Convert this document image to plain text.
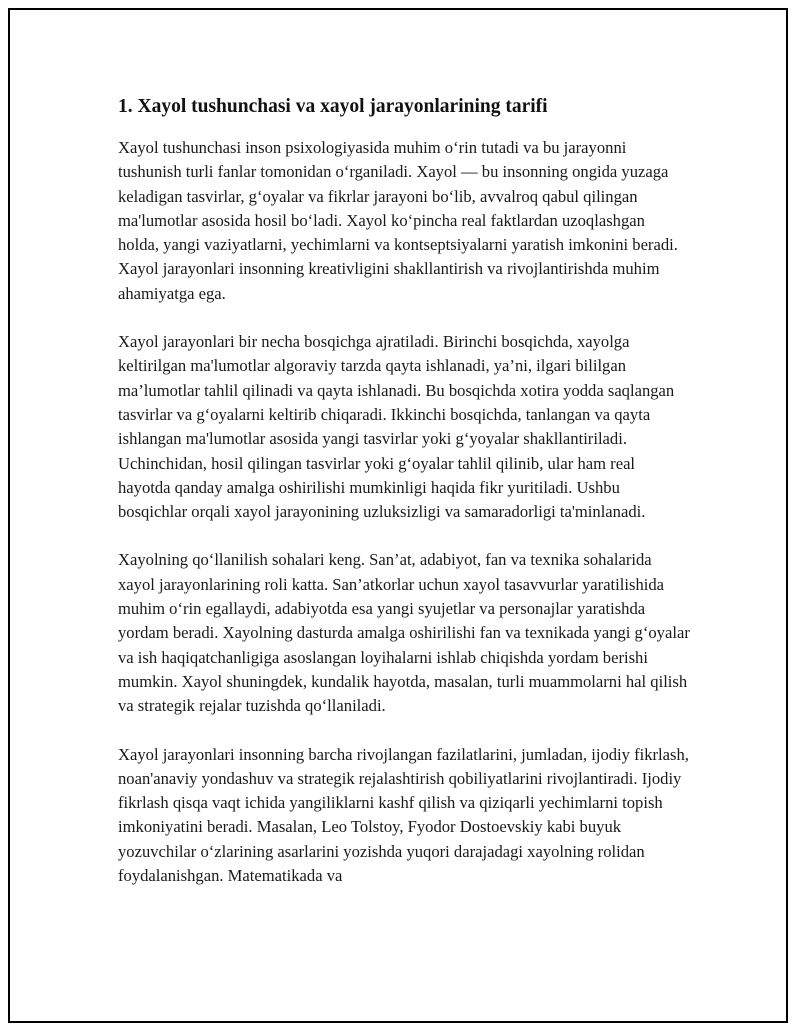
1. Xayol tushunchasi va xayol jarayonlarining tarifi

Xayol tushunchasi inson psixologiyasida muhim oʻrin tutadi va bu jarayonni tushunish turli fanlar tomonidan oʻrganiladi. Xayol — bu insonning ongida yuzaga keladigan tasvirlar, gʻoyalar va fikrlar jarayoni boʻlib, avvalroq qabul qilingan ma'lumotlar asosida hosil boʻladi. Xayol koʻpincha real faktlardan uzoqlashgan holda, yangi vaziyatlarni, yechimlarni va kontseptsiyalarni yaratish imkonini beradi. Xayol jarayonlari insonning kreativligini shakllantirish va rivojlantirishda muhim ahamiyatga ega.

Xayol jarayonlari bir necha bosqichga ajratiladi. Birinchi bosqichda, xayolga keltirilgan ma'lumotlar algoraviy tarzda qayta ishlanadi, ya’ni, ilgari bililgan ma’lumotlar tahlil qilinadi va qayta ishlanadi. Bu bosqichda xotira yodda saqlangan tasvirlar va gʻoyalarni keltirib chiqaradi. Ikkinchi bosqichda, tanlangan va qayta ishlangan ma'lumotlar asosida yangi tasvirlar yoki gʻyoyalar shakllantiriladi. Uchinchidan, hosil qilingan tasvirlar yoki gʻoyalar tahlil qilinib, ular ham real hayotda qanday amalga oshirilishi mumkinligi haqida fikr yuritiladi. Ushbu bosqichlar orqali xayol jarayonining uzluksizligi va samaradorligi ta'minlanadi.

Xayolning qoʻllanilish sohalari keng. San’at, adabiyot, fan va texnika sohalarida xayol jarayonlarining roli katta. San’atkorlar uchun xayol tasavvurlar yaratilishida muhim oʻrin egallaydi, adabiyotda esa yangi syujetlar va personajlar yaratishda yordam beradi. Xayolning dasturda amalga oshirilishi fan va texnikada yangi gʻoyalar va ish haqiqatchanligiga asoslangan loyihalarni ishlab chiqishda yordam berishi mumkin. Xayol shuningdek, kundalik hayotda, masalan, turli muammolarni hal qilish va strategik rejalar tuzishda qoʻllaniladi.

Xayol jarayonlari insonning barcha rivojlangan fazilatlarini, jumladan, ijodiy fikrlash, noan'anaviy yondashuv va strategik rejalashtirish qobiliyatlarini rivojlantiradi. Ijodiy fikrlash qisqa vaqt ichida yangiliklarni kashf qilish va qiziqarli yechimlarni topish imkoniyatini beradi. Masalan, Leo Tolstoy, Fyodor Dostoevskiy kabi buyuk yozuvchilar oʻzlarining asarlarini yozishda yuqori darajadagi xayolning rolidan foydalanishgan. Matematikada va
